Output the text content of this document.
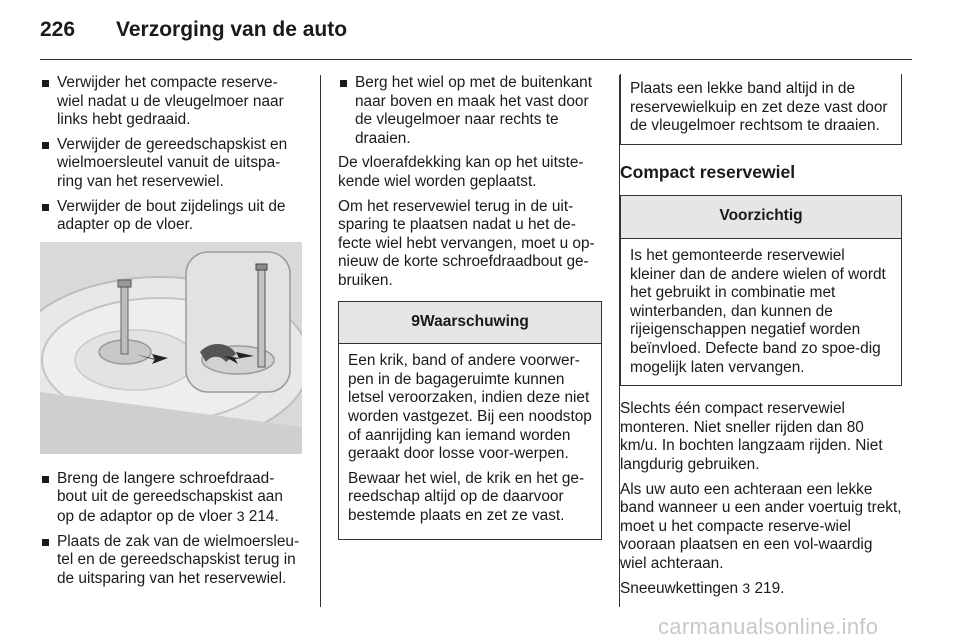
226 Verzorging van de auto
Verwijder het compacte reserve-wiel nadat u de vleugelmoer naar links hebt gedraaid.
Verwijder de gereedschapskist en wielmoersleutel vanuit de uitspa-ring van het reservewiel.
Verwijder de bout zijdelings uit de adapter op de vloer.
Breng de langere schroefdraad-bout uit de gereedschapskist aan op de adaptor op de vloer 3 214.
Plaats de zak van de wielmoersleu-tel en de gereedschapskist terug in de uitsparing van het reservewiel.
Berg het wiel op met de buitenkant naar boven en maak het vast door de vleugelmoer naar rechts te draaien.

De vloerafdekking kan op het uitste-kende wiel worden geplaatst.

Om het reservewiel terug in de uit-sparing te plaatsen nadat u het de-fecte wiel hebt vervangen, moet u op-nieuw de korte schroefdraadbout ge-bruiken.

9Waarschuwing

Een krik, band of andere voorwer-pen in de bagageruimte kunnen letsel veroorzaken, indien deze niet worden vastgezet. Bij een noodstop of aanrijding kan iemand worden geraakt door losse voor-werpen.

Bewaar het wiel, de krik en het ge-reedschap altijd op de daarvoor bestemde plaats en zet ze vast.

Plaats een lekke band altijd in de reservewielkuip en zet deze vast door de vleugelmoer rechtsom te draaien.

Compact reservewiel
Voorzichtig

Is het gemonteerde reservewiel kleiner dan de andere wielen of wordt het gebruikt in combinatie met winterbanden, dan kunnen de rijeigenschappen negatief worden beïnvloed. Defecte band zo spoe-dig mogelijk laten vervangen.

Slechts één compact reservewiel monteren. Niet sneller rijden dan 80 km/u. In bochten langzaam rijden. Niet langdurig gebruiken.

Als uw auto een achteraan een lekke band wanneer u een ander voertuig trekt, moet u het compacte reserve-wiel vooraan plaatsen en een vol-waardig wiel achteraan.

Sneeuwkettingen 3 219.

carmanualsonline.info
